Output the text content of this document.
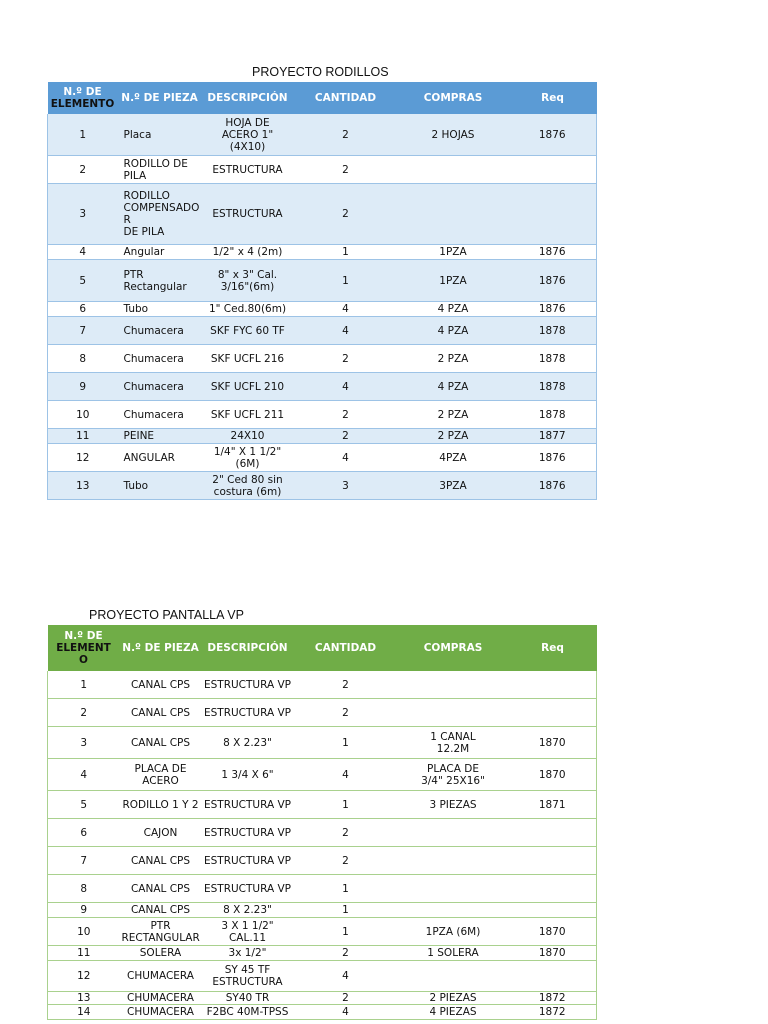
PROYECTO RODILLOS
N.º DE
ELEMENTO	N.º DE PIEZA	DESCRIPCIÓN	CANTIDAD	COMPRAS	Req
1	Placa	HOJA DE
ACERO 1"
(4X10)	2	2 HOJAS	1876
2	RODILLO DE
PILA	ESTRUCTURA	2		
3	RODILLO
COMPENSADO
R
DE PILA	ESTRUCTURA	2		
4	Angular	1/2" x 4 (2m)	1	1PZA	1876
5	PTR
Rectangular	8" x 3" Cal.
3/16"(6m)	1	1PZA	1876
6	Tubo	1" Ced.80(6m)	4	4 PZA	1876
7	Chumacera	SKF FYC 60 TF	4	4 PZA	1878
8	Chumacera	SKF UCFL 216	2	2 PZA	1878
9	Chumacera	SKF UCFL 210	4	4 PZA	1878
10	Chumacera	SKF UCFL 211	2	2 PZA	1878
11	PEINE	24X10	2	2 PZA	1877
12	ANGULAR	1/4" X 1 1/2"
(6M)	4	4PZA	1876
13	Tubo	2" Ced 80 sin
costura (6m)	3	3PZA	1876
PROYECTO PANTALLA VP
N.º DE
ELEMENT
O	N.º DE PIEZA	DESCRIPCIÓN	CANTIDAD	COMPRAS	Req
1	CANAL CPS	ESTRUCTURA VP	2		
2	CANAL CPS	ESTRUCTURA VP	2		
3	CANAL CPS	8 X 2.23"	1	1 CANAL
12.2M	1870
4	PLACA DE
ACERO	1 3/4 X 6"	4	PLACA DE
3/4" 25X16"	1870
5	RODILLO 1 Y 2	ESTRUCTURA VP	1	3 PIEZAS	1871
6	CAJON	ESTRUCTURA VP	2		
7	CANAL CPS	ESTRUCTURA VP	2		
8	CANAL CPS	ESTRUCTURA VP	1		
9	CANAL CPS	8 X 2.23"	1		
10	PTR
RECTANGULAR	3 X 1 1/2"
CAL.11	1	1PZA (6M)	1870
11	SOLERA	3x 1/2"	2	1 SOLERA	1870
12	CHUMACERA	SY 45 TF
ESTRUCTURA	4		
13	CHUMACERA	SY40 TR	2	2 PIEZAS	1872
14	CHUMACERA	F2BC 40M-TPSS	4	4 PIEZAS	1872
